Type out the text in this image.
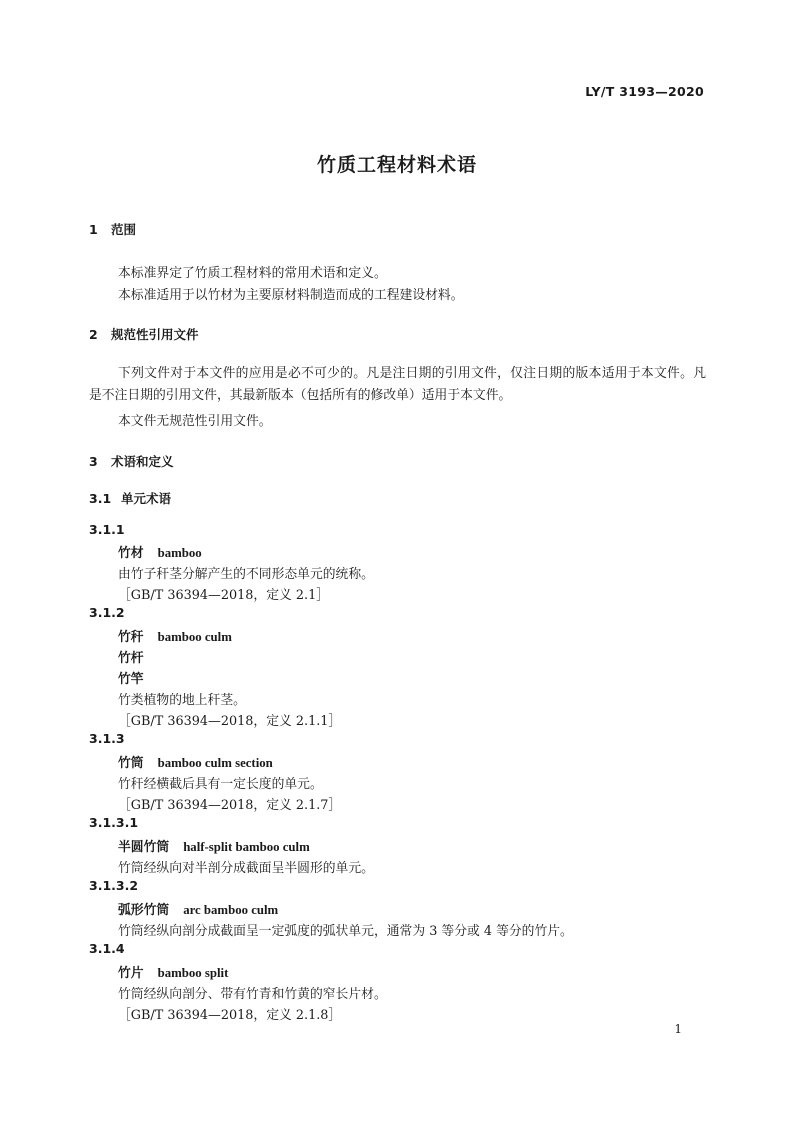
LY/T 3193—2020
竹质工程材料术语
1 范围
本标准界定了竹质工程材料的常用术语和定义。
本标准适用于以竹材为主要原材料制造而成的工程建设材料。
2 规范性引用文件
下列文件对于本文件的应用是必不可少的。凡是注日期的引用文件，仅注日期的版本适用于本文件。凡是不注日期的引用文件，其最新版本（包括所有的修改单）适用于本文件。
本文件无规范性引用文件。
3 术语和定义
3.1 单元术语
3.1.1
竹材 bamboo
由竹子秆茎分解产生的不同形态单元的统称。
［GB/T 36394—2018，定义 2.1］
3.1.2
竹秆 bamboo culm
竹杆
竹竿
竹类植物的地上秆茎。
［GB/T 36394—2018，定义 2.1.1］
3.1.3
竹筒 bamboo culm section
竹秆经横截后具有一定长度的单元。
［GB/T 36394—2018，定义 2.1.7］
3.1.3.1
半圆竹筒 half-split bamboo culm
竹筒经纵向对半剖分成截面呈半圆形的单元。
3.1.3.2
弧形竹筒 arc bamboo culm
竹筒经纵向剖分成截面呈一定弧度的弧状单元，通常为 3 等分或 4 等分的竹片。
3.1.4
竹片 bamboo split
竹筒经纵向剖分、带有竹青和竹黄的窄长片材。
［GB/T 36394—2018，定义 2.1.8］
1
